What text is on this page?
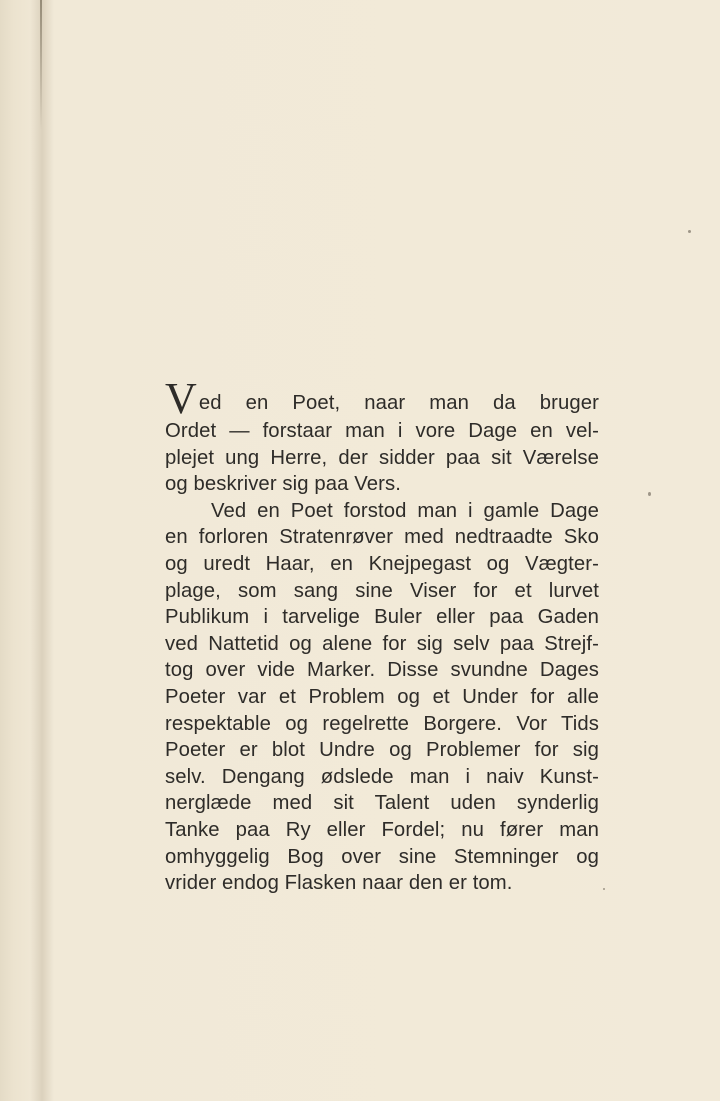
V ed en Poet, naar man da bruger
Ordet — forstaar man i vore Dage en vel-
plejet ung Herre, der sidder paa sit Værelse
og beskriver sig paa Vers.
Ved en Poet forstod man i gamle Dage
en forloren Stratenrøver med nedtraadte Sko
og uredt Haar, en Knejpegast og Vægter-
plage, som sang sine Viser for et lurvet
Publikum i tarvelige Buler eller paa Gaden
ved Nattetid og alene for sig selv paa Strejf-
tog over vide Marker. Disse svundne Dages
Poeter var et Problem og et Under for alle
respektable og regelrette Borgere. Vor Tids
Poeter er blot Undre og Problemer for sig
selv. Dengang ødslede man i naiv Kunst-
nerglæde med sit Talent uden synderlig
Tanke paa Ry eller Fordel; nu fører man
omhyggelig Bog over sine Stemninger og
vrider endog Flasken naar den er tom.
